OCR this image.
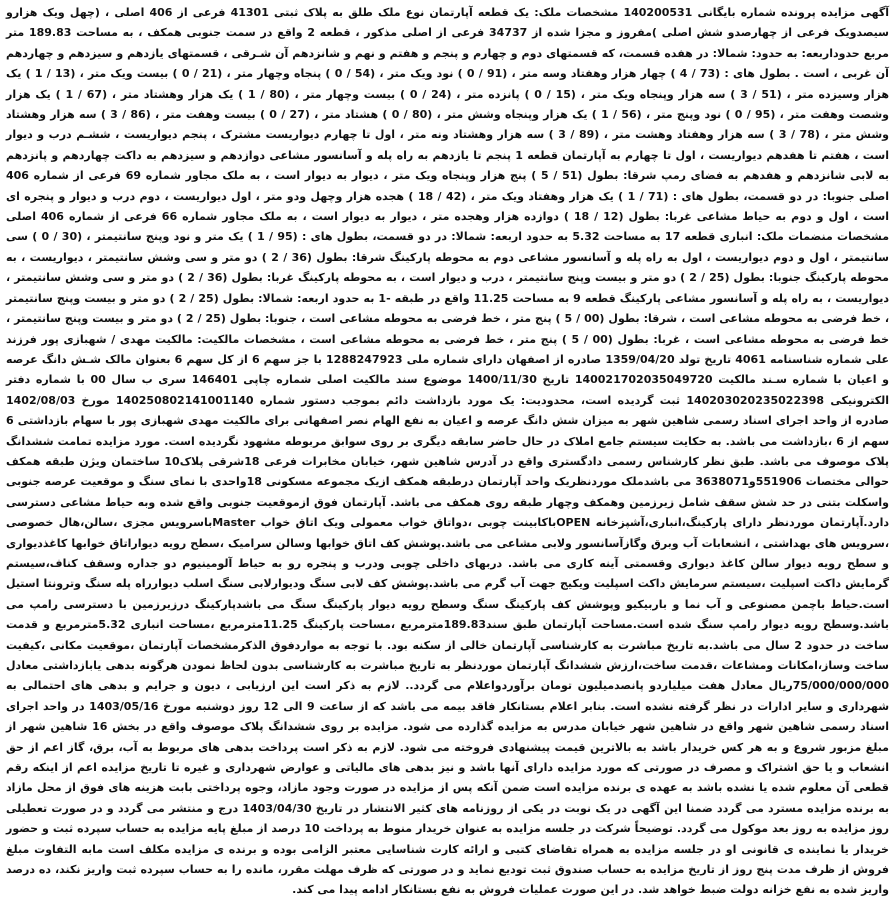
آگهی مزایده پرونده شماره بایگانی 140200531 مشخصات ملک: یک قطعه آپارتمان نوع ملک طلق به پلاک ثبتی 41301 فرعی از 406 اصلی ، (چهل ویک هزارو سیصدویک فرعی از چهارصدو شش اصلی )مفروز و مجزا شده از 34737 فرعی از اصلی مذکور ، قطعه 2 واقع در سمت جنوبی همکف ، به مساحت 189.83 متر مربع حدوداربعه: به حدود: شمالا: در هفده قسمت، که قسمتهای دوم و چهارم و پنجم و هفتم و نهم و شانزدهم آن شـرقی ، قسمتهای یازدهم و سیزدهم و چهاردهم آن غربی ، است . بطول های : (73 / 4 ) چهار هزار وهفتاد وسه متر ، (91 / 0 ) نود ویک متر ، (54 / 0 ) پنجاه وچهار متر ، (21 / 0 ) بیست ویک متر ، (13 / 1 ) یک هزار وسیزده متر ، (51 / 3 ) سه هزار وپنجاه ویک متر ، (15 / 0 ) پانزده متر ، (24 / 0 ) بیست وچهار متر ، (80 / 1 ) یک هزار وهشتاد متر ، (67 / 1 ) یک هزار وشصت وهفت متر ، (95 / 0 ) نود وپنج متر ، (56 / 1 ) یک هزار وپنجاه وشش متر ، (80 / 0 ) هشتاد متر ، (27 / 0 ) بیست وهفت متر ، (86 / 3 ) سه هزار وهشتاد وشش متر ، (78 / 3 ) سه هزار وهفتاد وهشت متر ، (89 / 3 ) سه هزار وهشتاد ونه متر ، اول تا چهارم دیواریست مشترک ، پنجم دیواریست ، ششـم درب و دیوار است ، هفتم تا هفدهم دیواریست ، اول تا چهارم به آپارتمان قطعه 1 پنجم تا یازدهم به راه پله و آسانسور مشاعی دوازدهم و سیزدهم به داکت چهاردهم و پانزدهم به لابی شانزدهم و هفدهم به فضای رمپ شرقا: بطول (51 / 5 ) پنج هزار وپنجاه ویک متر ، دیوار به دیوار است ، به ملک مجاور شماره 69 فرعی از شماره 406 اصلی جنوبا: در دو قسمت، بطول های : (71 / 1 ) یک هزار وهفتاد ویک متر ، (42 / 18 ) هجده هزار وچهل ودو متر ، اول دیواریست ، دوم درب و دیوار و پنجره ای است ، اول و دوم به حیاط مشاعی غربا: بطول (12 / 18 ) دوازده هزار وهجده متر ، دیوار به دیوار است ، به ملک مجاور شماره 66 فرعی از شماره 406 اصلی مشخصات منضمات ملک: انباری قطعه 17 به مساحت 5.32 به حدود اربعه: شمالا: در دو قسمت، بطول های : (95 / 1 ) یک متر و نود وپنج سانتیمتر ، (30 / 0 ) سی سانتیمتر ، اول و دوم دیواریست ، اول به راه پله و آسانسور مشاعی دوم به محوطه پارکینگ شرقا: بطول (36 / 2 ) دو متر و سی وشش سانتیمتر ، دیواریست ، به محوطه پارکینگ جنوبا: بطول (25 / 2 ) دو متر و بیست وپنج سانتیمتر ، درب و دیوار است ، به محوطه پارکینگ غربا: بطول (36 / 2 ) دو متر و سی وشش سانتیمتر ، دیواریست ، به راه پله و آسانسور مشاعی پارکینگ قطعه 9 به مساحت 11.25 واقع در طبقه -1 به حدود اربعه: شمالا: بطول (25 / 2 ) دو متر و بیست وپنج سانتیمتر ، خط فرضی به محوطه مشاعی است ، شرقا: بطول (00 / 5 ) پنج متر ، خط فرضی به محوطه مشاعی است ، جنوبا: بطول (25 / 2 ) دو متر و بیست وپنج سانتیمتر ، خط فرضی به محوطه مشاعی است ، غربا: بطول (00 / 5 ) پنج متر ، خط فرضی به محوطه مشاعی است ، مشخصات مالکیت: مالکیت مهدی / شهبازی پور فرزند علی شماره شناسنامه 4061 تاریخ تولد 1359/04/20 صادره از اصفهان دارای شماره ملی 1288247923 با جز سهم 6 از کل سهم 6 بعنوان مالک شـش دانگ عرصه و اعیان با شماره سـند مالکیت 140021702035049720 تاریخ 1400/11/30 موضوع سند مالکیت اصلی شماره چاپی 146401 سری ب سال 00 با شماره دفتر الکترونیکی 140203020235022398 ثبت گردیده است، محدودیت: یک مورد بازداشت دائم بموجب دستور شماره 140250802141001140 مورخ 1402/08/03 صادره از واحد اجرای اسناد رسمی شاهین شهر به میزان شش دانگ عرصه و اعیان به نفع الهام نصر اصفهانی برای مالکیت مهدی شهبازی پور با سهام بازداشتی 6 سهم از 6 ،بازداشت می باشد. به حکایت سیستم جامع املاک در حال حاضر سابقه دیگری بر روی سوابق مربوطه مشهود نگردیده است. مورد مزایده تمامت ششدانگ پلاک موصوف می باشد. طبق نظر کارشناس رسمی دادگستری واقع در آدرس شاهین شهر، خیابان مخابرات فرعی 18شرقی پلاک10 ساختمان ویژن طبقه همکف حوالی مختصات 551906و3638071 می باشدملک موردنظریک واحد آپارتمان درطبقه همکف ازیک مجموعه مسکونی 18واحدی با نمای سنگ و موقعیت عرصه جنوبی واسکلت بتنی در حد شش سقف شامل زیرزمین وهمکف وچهار طبقه روی همکف می باشد. آپارتمان فوق ازموقعیت جنوبی واقع شده وبه حیاط مشاعی دسترسی دارد.آپارتمان موردنظر دارای پارکینگ،انباری،آشپزخانه OPENباکابینت چوبی ،دواتاق خواب معمولی ویک اتاق خواب Masterباسرویس مجزی ،سالن،هال خصوصی ،سرویس های بهداشتی ، انشعابات آب وبرق وگازآسانسور ولابی مشاعی می باشد.پوشش کف اتاق خوابها وسالن سرامیک ،سطح رویه دیواراتاق خوابها کاغذدیواری و سطح رویه دیوار سالن کاغذ دیواری وقسمتی آینه کاری می باشد. دربهای داخلی چوبی ودرب و پنجره رو به حیاط آلومینیوم دو جداره وسقف کناف،سیستم گرمایش داکت اسپلیت ،سیستم سرمایش داکت اسپلیت ویکیج جهت آب گرم می باشد.پوشش کف لابی سنگ ودیوارلابی سنگ اسلب دیوارراه پله سنگ وترونتا استیل است.حیاط باچمن مصنوعی و آب نما و باربیکیو وپوشش کف پارکینگ سنگ وسطح رویه دیوار پارکینگ سنگ می باشدپارکینگ درزیرزمین با دسترسی رامپ می باشد.وسطح رویه دیوار رامپ سنگ شده است.مساحت آپارتمان طبق سند189.83مترمربع ،مساحت پارکینگ 11.25مترمربع ،مساحت انباری 5.32مترمربع و قدمت ساخت در حدود 2 سال می باشد.به تاریخ مباشرت به کارشناسی آپارتمان خالی از سکنه بود. با توجه به مواردفوق الذکرمشخصات آپارتمان ،موقعیت مکانی ،کیفیت ساخت وساز،امکانات ومشاعات ،قدمت ساخت،ارزش ششدانگ آپارتمان موردنظر به تاریخ مباشرت به کارشناسی بدون لحاظ نمودن هرگونه بدهی یابازداشتی معادل 75/000/000/000ریال معادل هفت میلیاردو پانصدمیلیون تومان برآوردواعلام می گردد.. لازم به ذکر است این ارزیابی ، دیون و جرایم و بدهی های احتمالی به شهرداری و سایر ادارات در نظر گرفته نشده است. بنابر اعلام بستانکار فاقد بیمه می باشد که از ساعت 9 الی 12 روز دوشنبه مورخ 1403/05/16 در واحد اجرای اسناد رسمی شاهین شهر واقع در شاهین شهر خیابان مدرس به مزایده گذارده می شود. مزایده بر روی ششدانگ پلاک موصوف واقع در بخش 16 شاهین شهر از مبلغ مزبور شروع و به هر کس خریدار باشد به بالاترین قیمت پیشنهادی فروخته می شود. لازم به ذکر است پرداخت بدهی های مربوط به آب، برق، گاز اعم از حق انشعاب و یا حق اشتراک و مصرف در صورتی که مورد مزایده دارای آنها باشد و نیز بدهی های مالیاتی و عوارض شهرداری و غیره تا تاریخ مزایده اعم از اینکه رقم قطعی آن معلوم شده یا نشده باشد به عهده ی برنده مزایده است ضمن آنکه پس از مزایده در صورت وجود مازاد، وجوه پرداختی بابت هزینه های فوق از محل مازاد به برنده مزایده مسترد می گردد ضمنا این آگهی در یک نوبت در یکی از روزنامه های کثیر الانتشار در تاریخ 1403/04/30 درج و منتشر می گردد و در صورت تعطیلی روز مزایده به روز بعد موکول می گردد. توضیحاً شرکت در جلسه مزایده به عنوان خریدار منوط به پرداخت 10 درصد از مبلغ پایه مزایده به حساب سپرده ثبت و حضور خریدار یا نماینده ی قانونی او در جلسه مزایده به همراه تقاضای کتبی و ارائه کارت شناسایی معتبر الزامی بوده و برنده ی مزایده مکلف است مابه التفاوت مبلغ فروش از ظرف مدت پنج روز از تاریخ مزایده به حساب صندوق ثبت تودیع نماید و در صورتی که ظرف مهلت مقرر، مانده را به حساب سپرده ثبت واریز نکند، ده درصد واریز شده به نفع خزانه دولت ضبط خواهد شد. در این صورت عملیات فروش به نفع بستانکار ادامه پیدا می کند.
